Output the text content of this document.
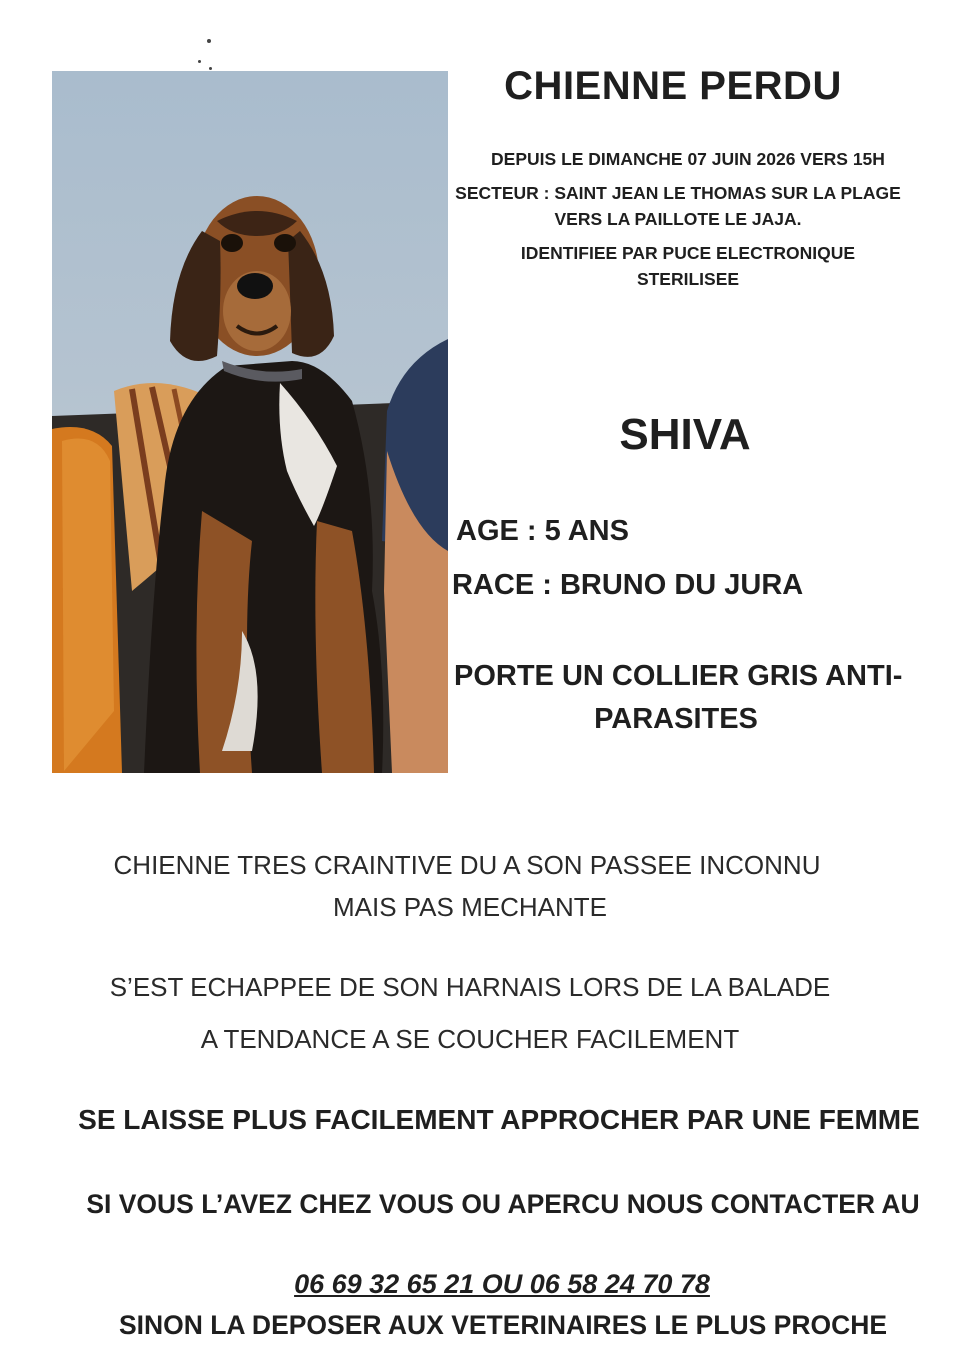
CHIENNE PERDU
DEPUIS LE DIMANCHE 07 JUIN 2026 VERS 15H
SECTEUR : SAINT JEAN LE THOMAS SUR LA PLAGE
VERS LA PAILLOTE LE JAJA.
IDENTIFIEE PAR PUCE ELECTRONIQUE
STERILISEE
SHIVA
AGE : 5 ANS
RACE : BRUNO DU JURA
PORTE UN COLLIER GRIS ANTI-
PARASITES
CHIENNE TRES CRAINTIVE DU A SON PASSEE INCONNU
MAIS PAS MECHANTE
S’EST ECHAPPEE DE SON HARNAIS LORS DE LA BALADE
A TENDANCE A SE COUCHER FACILEMENT
SE LAISSE PLUS FACILEMENT APPROCHER PAR UNE FEMME
SI VOUS L’AVEZ CHEZ VOUS OU APERCU NOUS CONTACTER AU
06 69 32 65 21 OU 06 58 24 70 78
SINON LA DEPOSER AUX VETERINAIRES LE PLUS PROCHE
